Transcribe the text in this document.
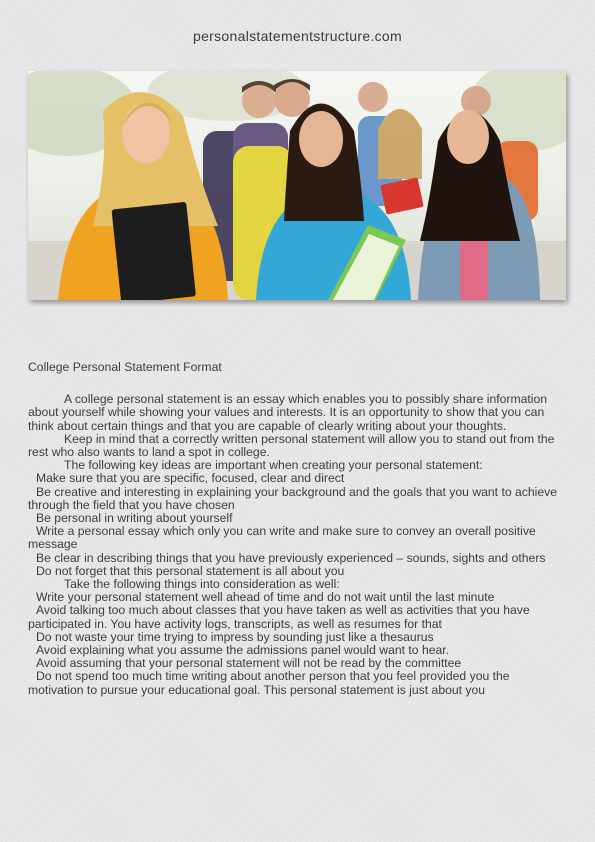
personalstatementstructure.com

College Personal Statement Format

A college personal statement is an essay which enables you to possibly share information about yourself while showing your values and interests. It is an opportunity to show that you can think about certain things and that you are capable of clearly writing about your thoughts.

Keep in mind that a correctly written personal statement will allow you to stand out from the rest who also wants to land a spot in college.

The following key ideas are important when creating your personal statement:

Make sure that you are specific, focused, clear and direct

Be creative and interesting in explaining your background and the goals that you want to achieve through the field that you have chosen

Be personal in writing about yourself

Write a personal essay which only you can write and make sure to convey an overall positive message

Be clear in describing things that you have previously experienced – sounds, sights and others

Do not forget that this personal statement is all about you

Take the following things into consideration as well:

Write your personal statement well ahead of time and do not wait until the last minute

Avoid talking too much about classes that you have taken as well as activities that you have participated in. You have activity logs, transcripts, as well as resumes for that

Do not waste your time trying to impress by sounding just like a thesaurus

Avoid explaining what you assume the admissions panel would want to hear.

Avoid assuming that your personal statement will not be read by the committee

Do not spend too much time writing about another person that you feel provided you the motivation to pursue your educational goal. This personal statement is just about you
